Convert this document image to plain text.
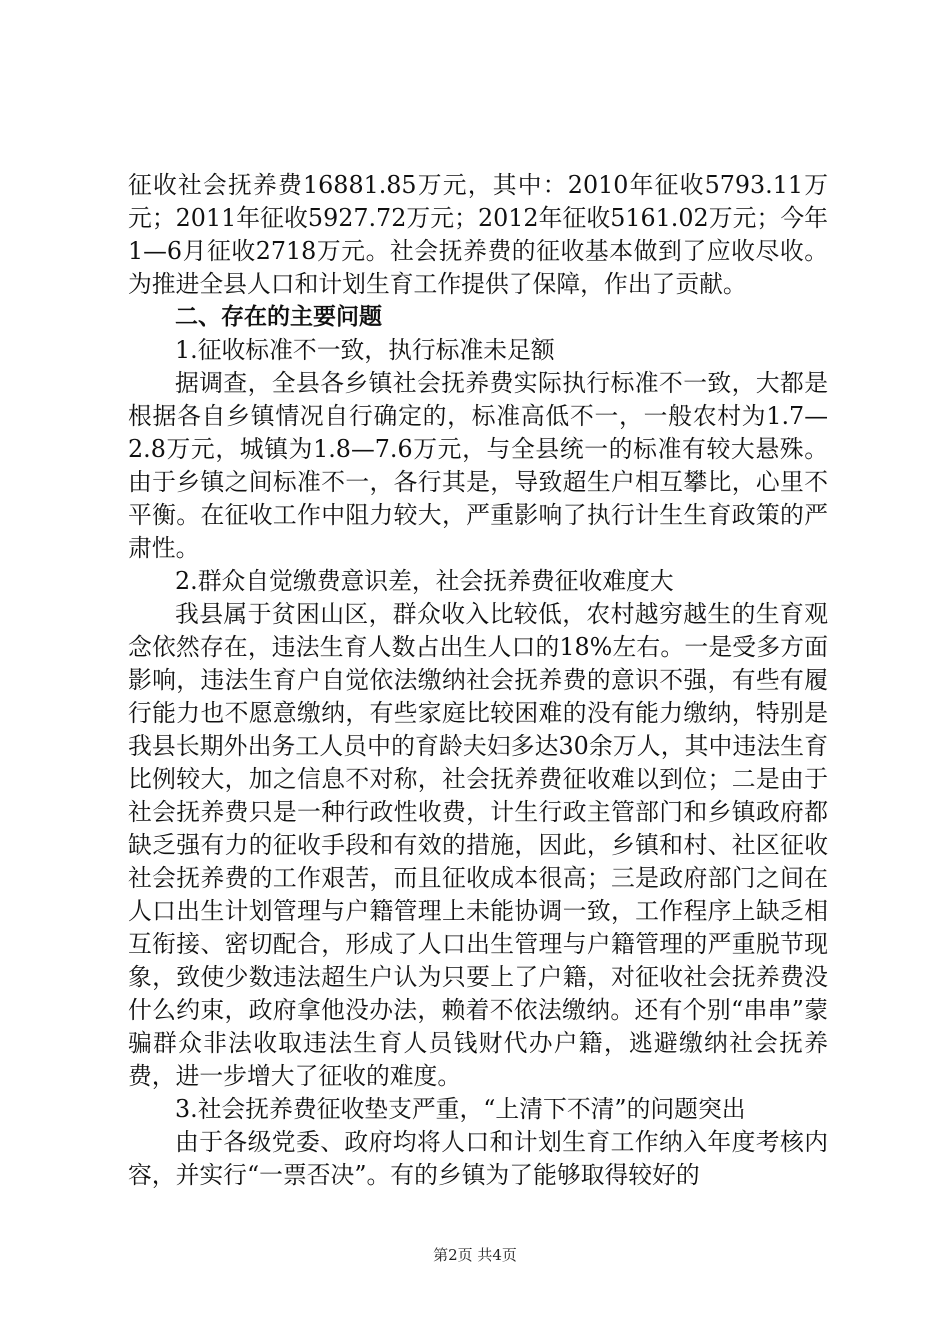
征收社会抚养费16881.85万元，其中：2010年征收5793.11万元；2011年征收5927.72万元；2012年征收5161.02万元；今年1—6月征收2718万元。社会抚养费的征收基本做到了应收尽收。为推进全县人口和计划生育工作提供了保障，作出了贡献。

二、存在的主要问题

1.征收标准不一致，执行标准未足额

据调查，全县各乡镇社会抚养费实际执行标准不一致，大都是根据各自乡镇情况自行确定的，标准高低不一，一般农村为1.7—2.8万元，城镇为1.8—7.6万元，与全县统一的标准有较大悬殊。由于乡镇之间标准不一，各行其是，导致超生户相互攀比，心里不平衡。在征收工作中阻力较大，严重影响了执行计生生育政策的严肃性。

2.群众自觉缴费意识差，社会抚养费征收难度大

我县属于贫困山区，群众收入比较低，农村越穷越生的生育观念依然存在，违法生育人数占出生人口的18%左右。一是受多方面影响，违法生育户自觉依法缴纳社会抚养费的意识不强，有些有履行能力也不愿意缴纳，有些家庭比较困难的没有能力缴纳，特别是我县长期外出务工人员中的育龄夫妇多达30余万人，其中违法生育比例较大，加之信息不对称，社会抚养费征收难以到位；二是由于社会抚养费只是一种行政性收费，计生行政主管部门和乡镇政府都缺乏强有力的征收手段和有效的措施，因此，乡镇和村、社区征收社会抚养费的工作艰苦，而且征收成本很高；三是政府部门之间在人口出生计划管理与户籍管理上未能协调一致，工作程序上缺乏相互衔接、密切配合，形成了人口出生管理与户籍管理的严重脱节现象，致使少数违法超生户认为只要上了户籍，对征收社会抚养费没什么约束，政府拿他没办法，赖着不依法缴纳。还有个别“串串”蒙骗群众非法收取违法生育人员钱财代办户籍，逃避缴纳社会抚养费，进一步增大了征收的难度。

3.社会抚养费征收垫支严重，“上清下不清”的问题突出

由于各级党委、政府均将人口和计划生育工作纳入年度考核内容，并实行“一票否决”。有的乡镇为了能够取得较好的

第2页 共4页
